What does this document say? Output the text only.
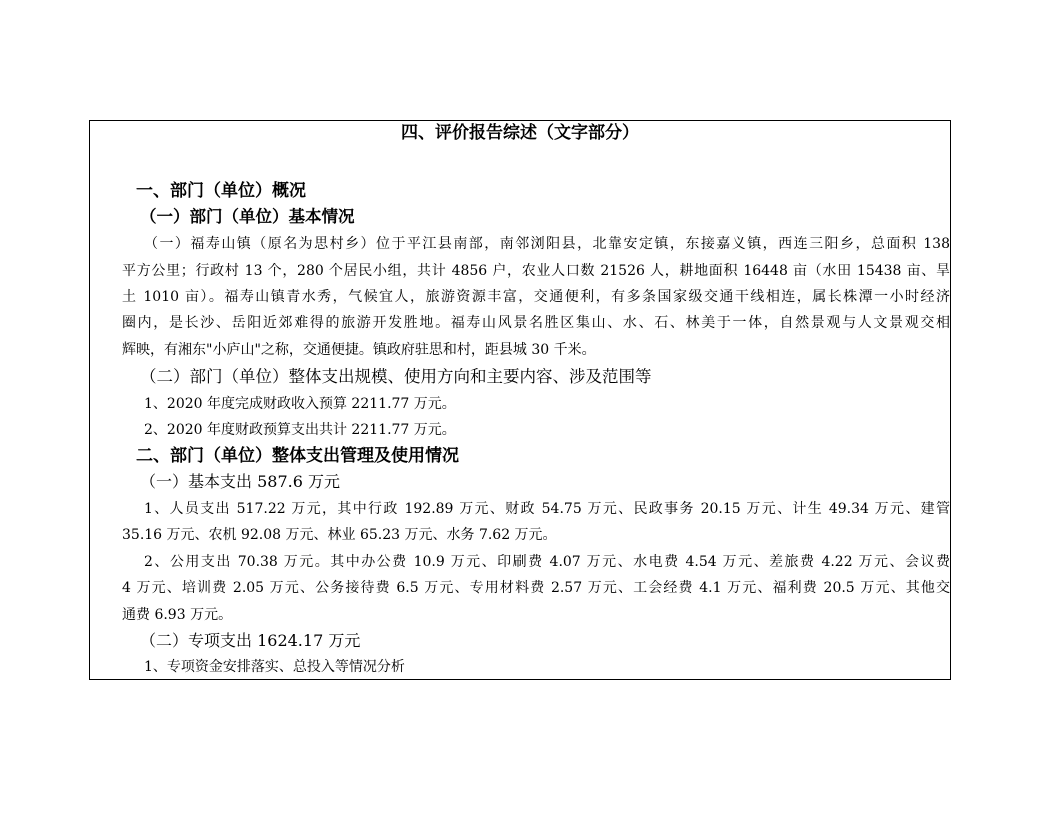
四、评价报告综述（文字部分）
一、部门（单位）概况
（一）部门（单位）基本情况
（一）福寿山镇（原名为思村乡）位于平江县南部，南邻浏阳县，北靠安定镇，东接嘉义镇，西连三阳乡，总面积 138
平方公里；行政村 13 个，280 个居民小组，共计 4856 户，农业人口数 21526 人，耕地面积 16448 亩（水田 15438 亩、旱
土 1010 亩）。福寿山镇青水秀，气候宜人，旅游资源丰富，交通便利，有多条国家级交通干线相连，属长株潭一小时经济
圈内，是长沙、岳阳近郊难得的旅游开发胜地。福寿山风景名胜区集山、水、石、林美于一体，自然景观与人文景观交相
辉映，有湘东"小庐山"之称，交通便捷。镇政府驻思和村，距县城 30 千米。
（二）部门（单位）整体支出规模、使用方向和主要内容、涉及范围等
1、2020 年度完成财政收入预算 2211.77 万元。
2、2020 年度财政预算支出共计 2211.77 万元。
二、部门（单位）整体支出管理及使用情况
（一）基本支出 587.6 万元
1、人员支出 517.22 万元，其中行政 192.89 万元、财政 54.75 万元、民政事务 20.15 万元、计生 49.34 万元、建管
35.16 万元、农机 92.08 万元、林业 65.23 万元、水务 7.62 万元。
2、公用支出 70.38 万元。其中办公费 10.9 万元、印刷费 4.07 万元、水电费 4.54 万元、差旅费 4.22 万元、会议费
4 万元、培训费 2.05 万元、公务接待费 6.5 万元、专用材料费 2.57 万元、工会经费 4.1 万元、福利费 20.5 万元、其他交
通费 6.93 万元。
（二）专项支出 1624.17 万元
1、专项资金安排落实、总投入等情况分析
